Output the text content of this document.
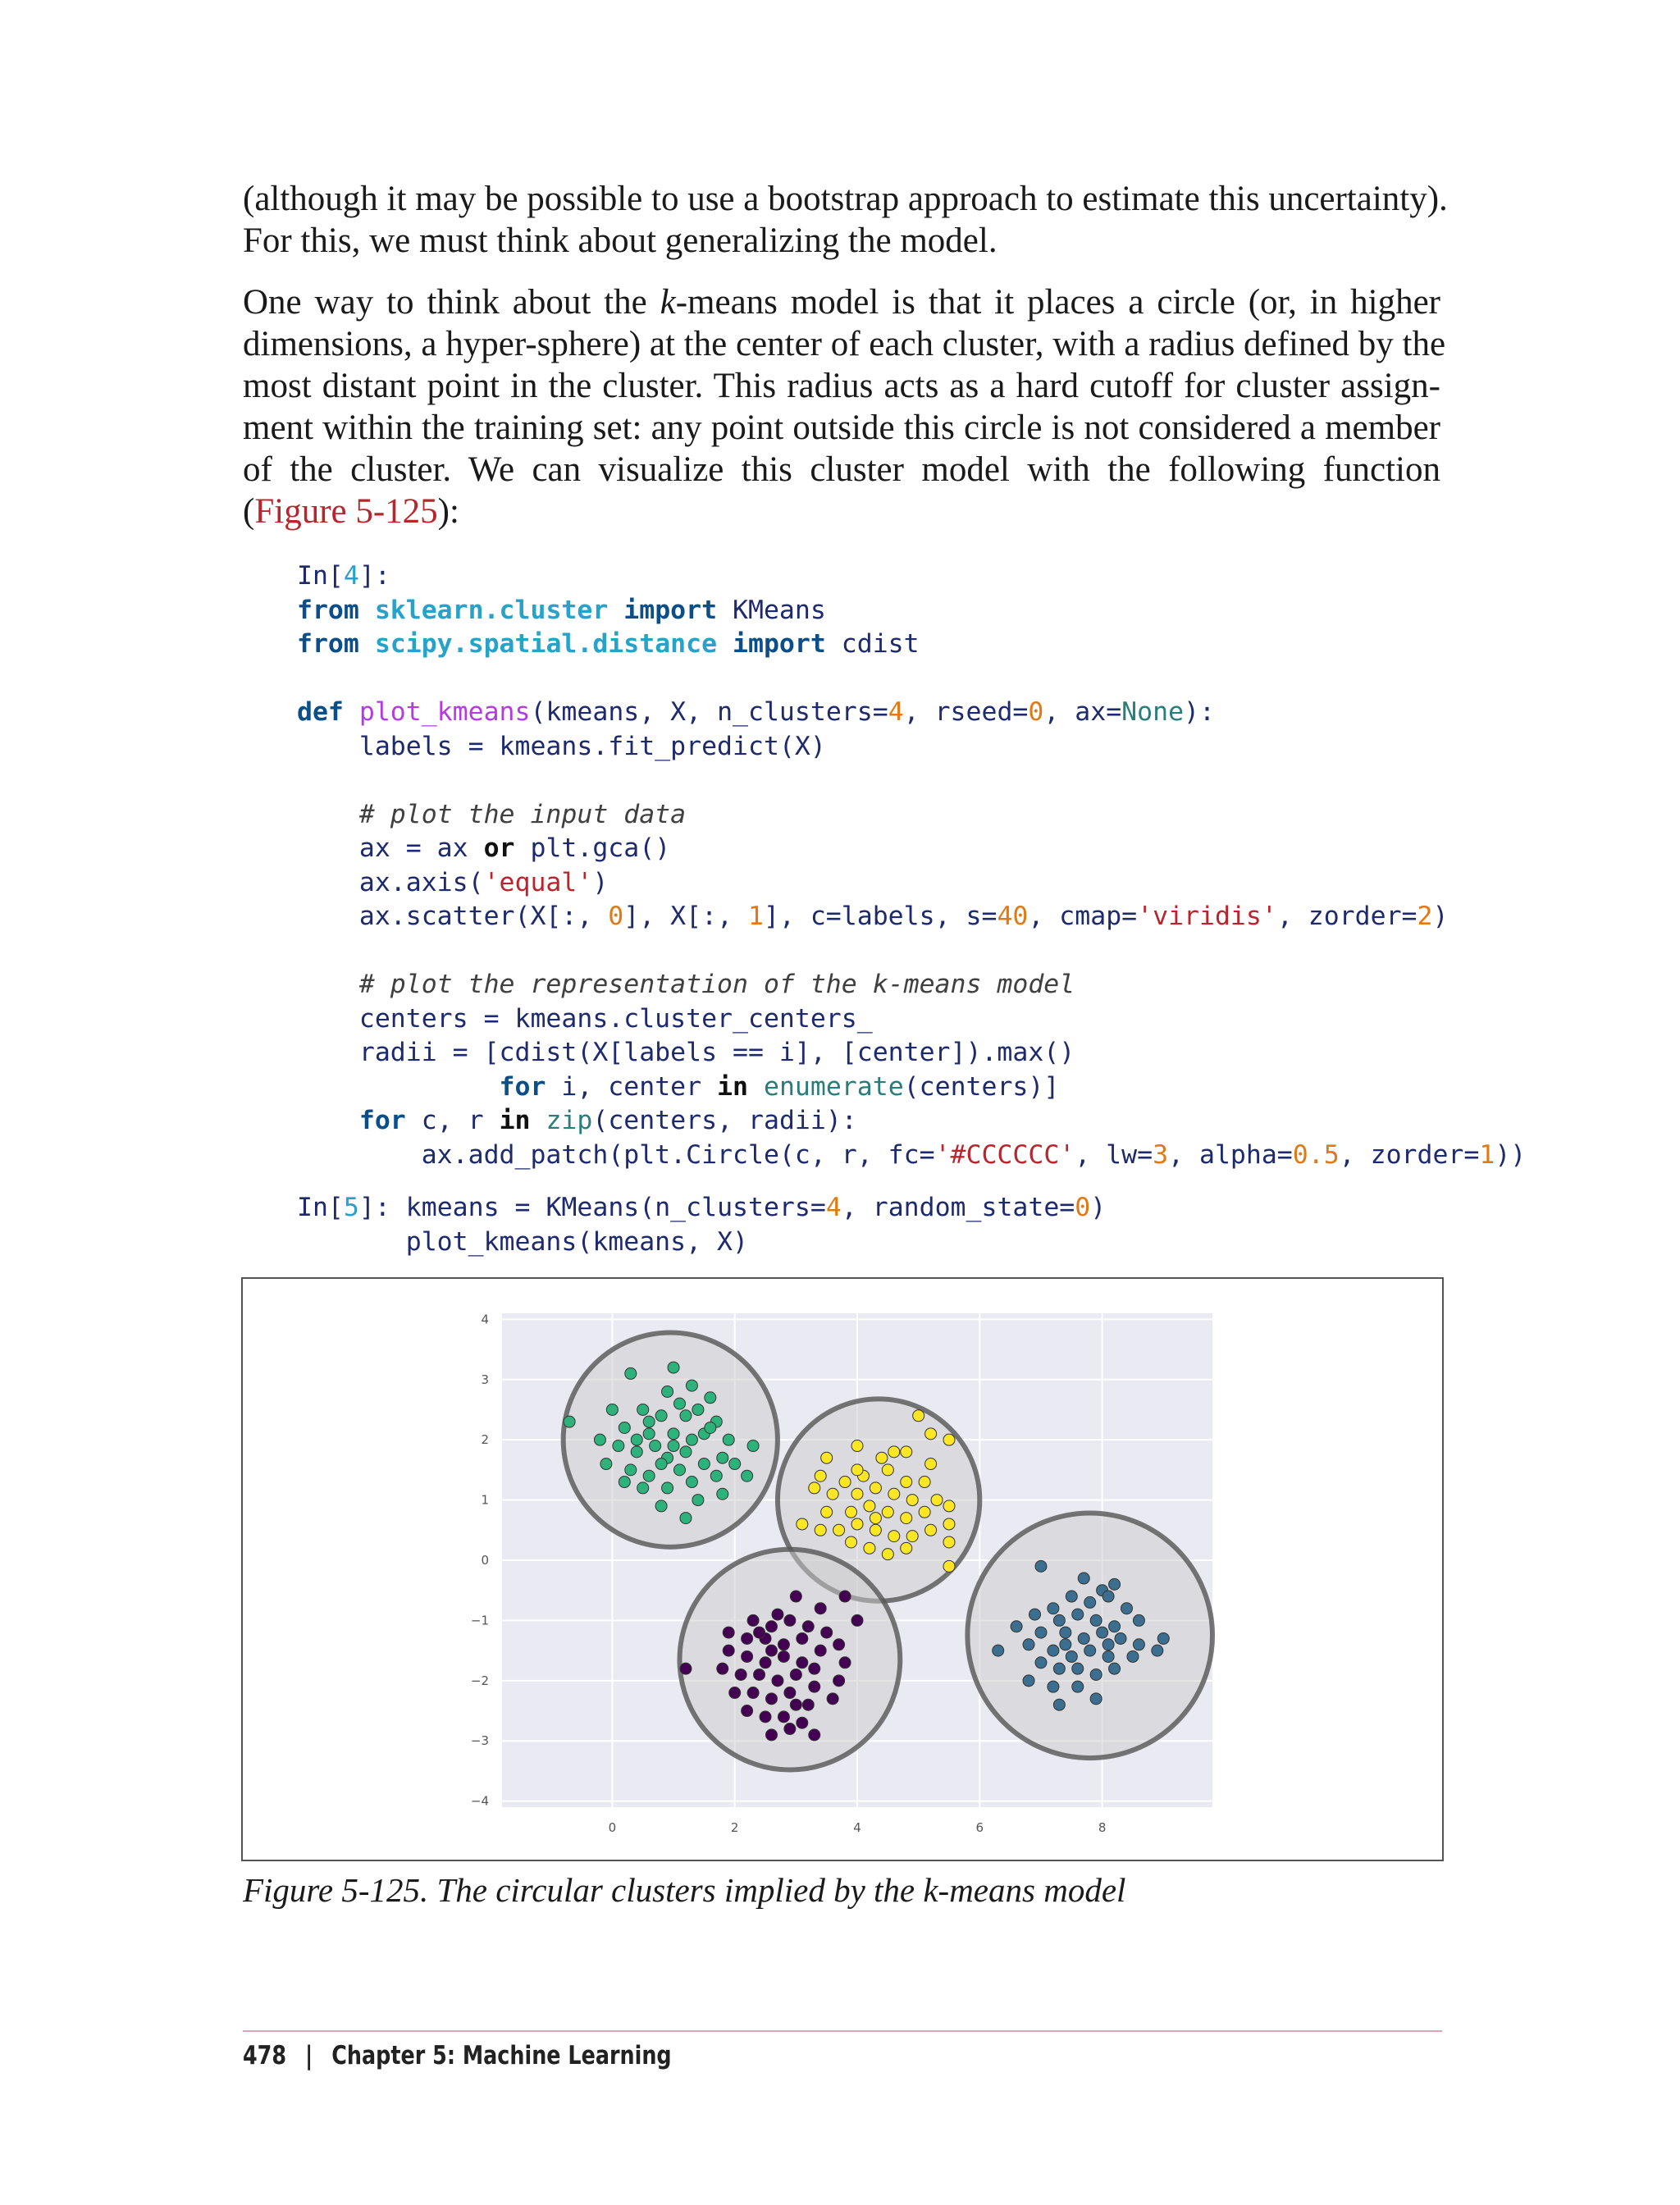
(although it may be possible to use a bootstrap approach to estimate this uncertainty).
For this, we must think about generalizing the model.
One way to think about the k-means model is that it places a circle (or, in higher
dimensions, a hyper-sphere) at the center of each cluster, with a radius defined by the
most distant point in the cluster. This radius acts as a hard cutoff for cluster assign-
ment within the training set: any point outside this circle is not considered a member
of the cluster. We can visualize this cluster model with the following function
(Figure 5-125):
In[4]:
from sklearn.cluster import KMeans
from scipy.spatial.distance import cdist

def plot_kmeans(kmeans, X, n_clusters=4, rseed=0, ax=None):
labels = kmeans.fit_predict(X)

# plot the input data
ax = ax or plt.gca()
ax.axis('equal')
ax.scatter(X[:, 0], X[:, 1], c=labels, s=40, cmap='viridis', zorder=2)

# plot the representation of the k-means model
centers = kmeans.cluster_centers_
radii = [cdist(X[labels == i], [center]).max()
for i, center in enumerate(centers)]
for c, r in zip(centers, radii):
ax.add_patch(plt.Circle(c, r, fc='#CCCCCC', lw=3, alpha=0.5, zorder=1))

In[5]: kmeans = KMeans(n_clusters=4, random_state=0)
plot_kmeans(kmeans, X)

0	2	4	6	8
4
3
2
1
0
−1
−2
−3
−4
Figure 5-125. The circular clusters implied by the k-means model
478 | Chapter 5: Machine Learning
